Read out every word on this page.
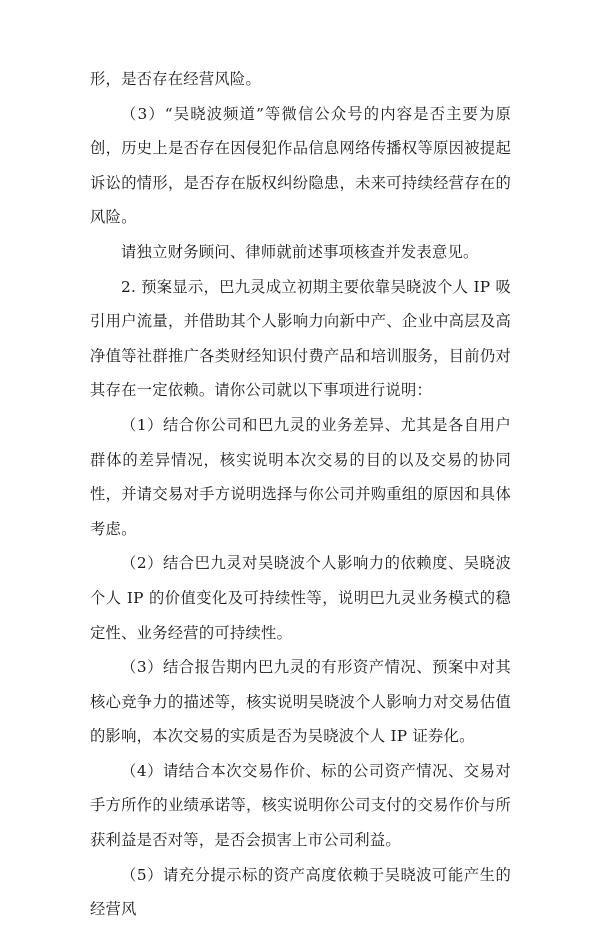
形，是否存在经营风险。

（3）“吴晓波频道”等微信公众号的内容是否主要为原创，历史上是否存在因侵犯作品信息网络传播权等原因被提起诉讼的情形，是否存在版权纠纷隐患，未来可持续经营存在的风险。

请独立财务顾问、律师就前述事项核查并发表意见。

2. 预案显示，巴九灵成立初期主要依靠吴晓波个人 IP 吸引用户流量，并借助其个人影响力向新中产、企业中高层及高净值等社群推广各类财经知识付费产品和培训服务，目前仍对其存在一定依赖。请你公司就以下事项进行说明：

（1）结合你公司和巴九灵的业务差异、尤其是各自用户群体的差异情况，核实说明本次交易的目的以及交易的协同性，并请交易对手方说明选择与你公司并购重组的原因和具体考虑。

（2）结合巴九灵对吴晓波个人影响力的依赖度、吴晓波个人 IP 的价值变化及可持续性等，说明巴九灵业务模式的稳定性、业务经营的可持续性。

（3）结合报告期内巴九灵的有形资产情况、预案中对其核心竞争力的描述等，核实说明吴晓波个人影响力对交易估值的影响，本次交易的实质是否为吴晓波个人 IP 证券化。

（4）请结合本次交易作价、标的公司资产情况、交易对手方所作的业绩承诺等，核实说明你公司支付的交易作价与所获利益是否对等，是否会损害上市公司利益。

（5）请充分提示标的资产高度依赖于吴晓波可能产生的经营风
